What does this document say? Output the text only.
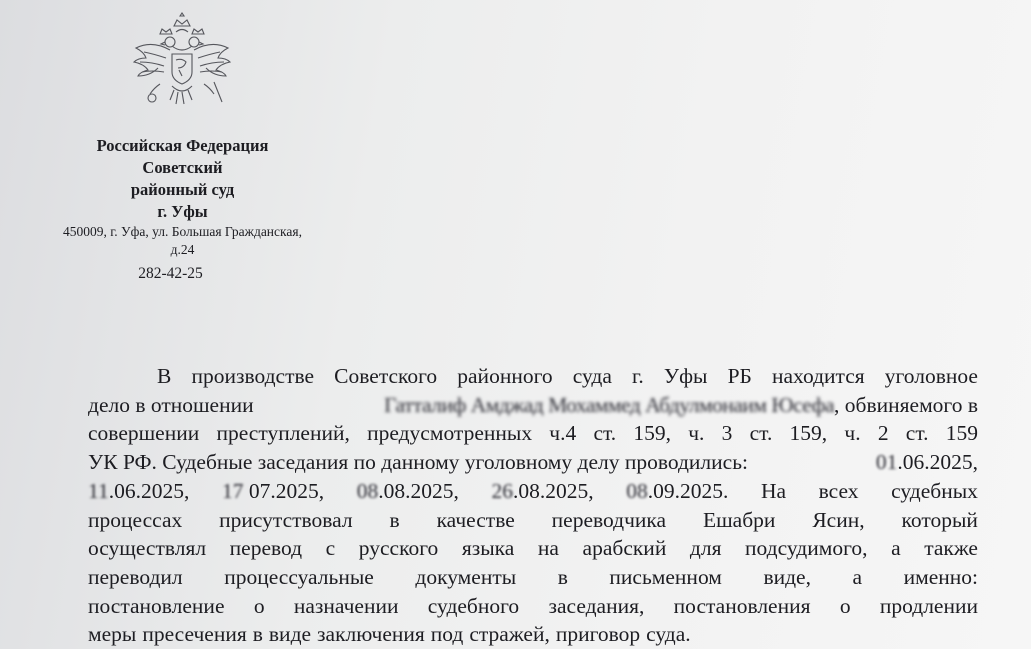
Российская Федерация
Советский
районный суд
г. Уфы
450009, г. Уфа, ул. Большая Гражданская,
д.24
282-42-25
В производстве Советского районного суда г. Уфы РБ находится уголовное
дело в отношении	Гатталиф Амджад Мохаммед Абдулмонаим Юсефа, обвиняемого в
совершении преступлений, предусмотренных ч.4 ст. 159, ч. 3 ст. 159, ч. 2 ст. 159
УК РФ. Судебные заседания по данному уголовному делу проводились:	01.06.2025,
11.06.2025, 17 07.2025, 08.08.2025, 26.08.2025, 08.09.2025. На всех судебных
процессах присутствовал в качестве переводчика Ешабри Ясин, который
осуществлял перевод с русского языка на арабский для подсудимого, а также
переводил процессуальные документы в письменном виде, а именно:
постановление о назначении судебного заседания, постановления о продлении
меры пресечения в виде заключения под стражей, приговор суда.
